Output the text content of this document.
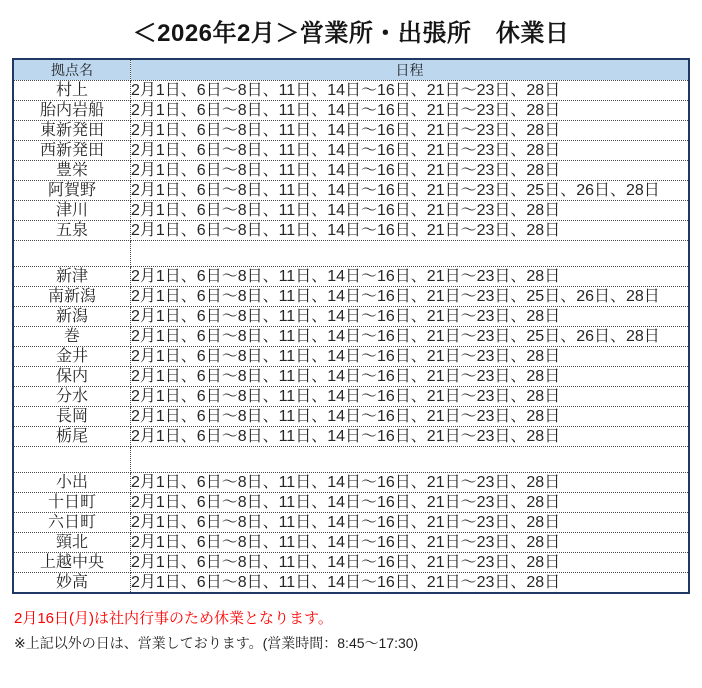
＜2026年2月＞営業所・出張所　休業日
拠点名	日程
村上	2月1日、6日～8日、11日、14日～16日、21日～23日、28日
胎内岩船	2月1日、6日～8日、11日、14日～16日、21日～23日、28日
東新発田	2月1日、6日～8日、11日、14日～16日、21日～23日、28日
西新発田	2月1日、6日～8日、11日、14日～16日、21日～23日、28日
豊栄	2月1日、6日～8日、11日、14日～16日、21日～23日、28日
阿賀野	2月1日、6日～8日、11日、14日～16日、21日～23日、25日、26日、28日
津川	2月1日、6日～8日、11日、14日～16日、21日～23日、28日
五泉	2月1日、6日～8日、11日、14日～16日、21日～23日、28日

新津	2月1日、6日～8日、11日、14日～16日、21日～23日、28日
南新潟	2月1日、6日～8日、11日、14日～16日、21日～23日、25日、26日、28日
新潟	2月1日、6日～8日、11日、14日～16日、21日～23日、28日
巻	2月1日、6日～8日、11日、14日～16日、21日～23日、25日、26日、28日
金井	2月1日、6日～8日、11日、14日～16日、21日～23日、28日
保内	2月1日、6日～8日、11日、14日～16日、21日～23日、28日
分水	2月1日、6日～8日、11日、14日～16日、21日～23日、28日
長岡	2月1日、6日～8日、11日、14日～16日、21日～23日、28日
栃尾	2月1日、6日～8日、11日、14日～16日、21日～23日、28日

小出	2月1日、6日～8日、11日、14日～16日、21日～23日、28日
十日町	2月1日、6日～8日、11日、14日～16日、21日～23日、28日
六日町	2月1日、6日～8日、11日、14日～16日、21日～23日、28日
頸北	2月1日、6日～8日、11日、14日～16日、21日～23日、28日
上越中央	2月1日、6日～8日、11日、14日～16日、21日～23日、28日
妙高	2月1日、6日～8日、11日、14日～16日、21日～23日、28日

2月16日(月)は社内行事のため休業となります。

※上記以外の日は、営業しております。(営業時間：8:45～17:30)
